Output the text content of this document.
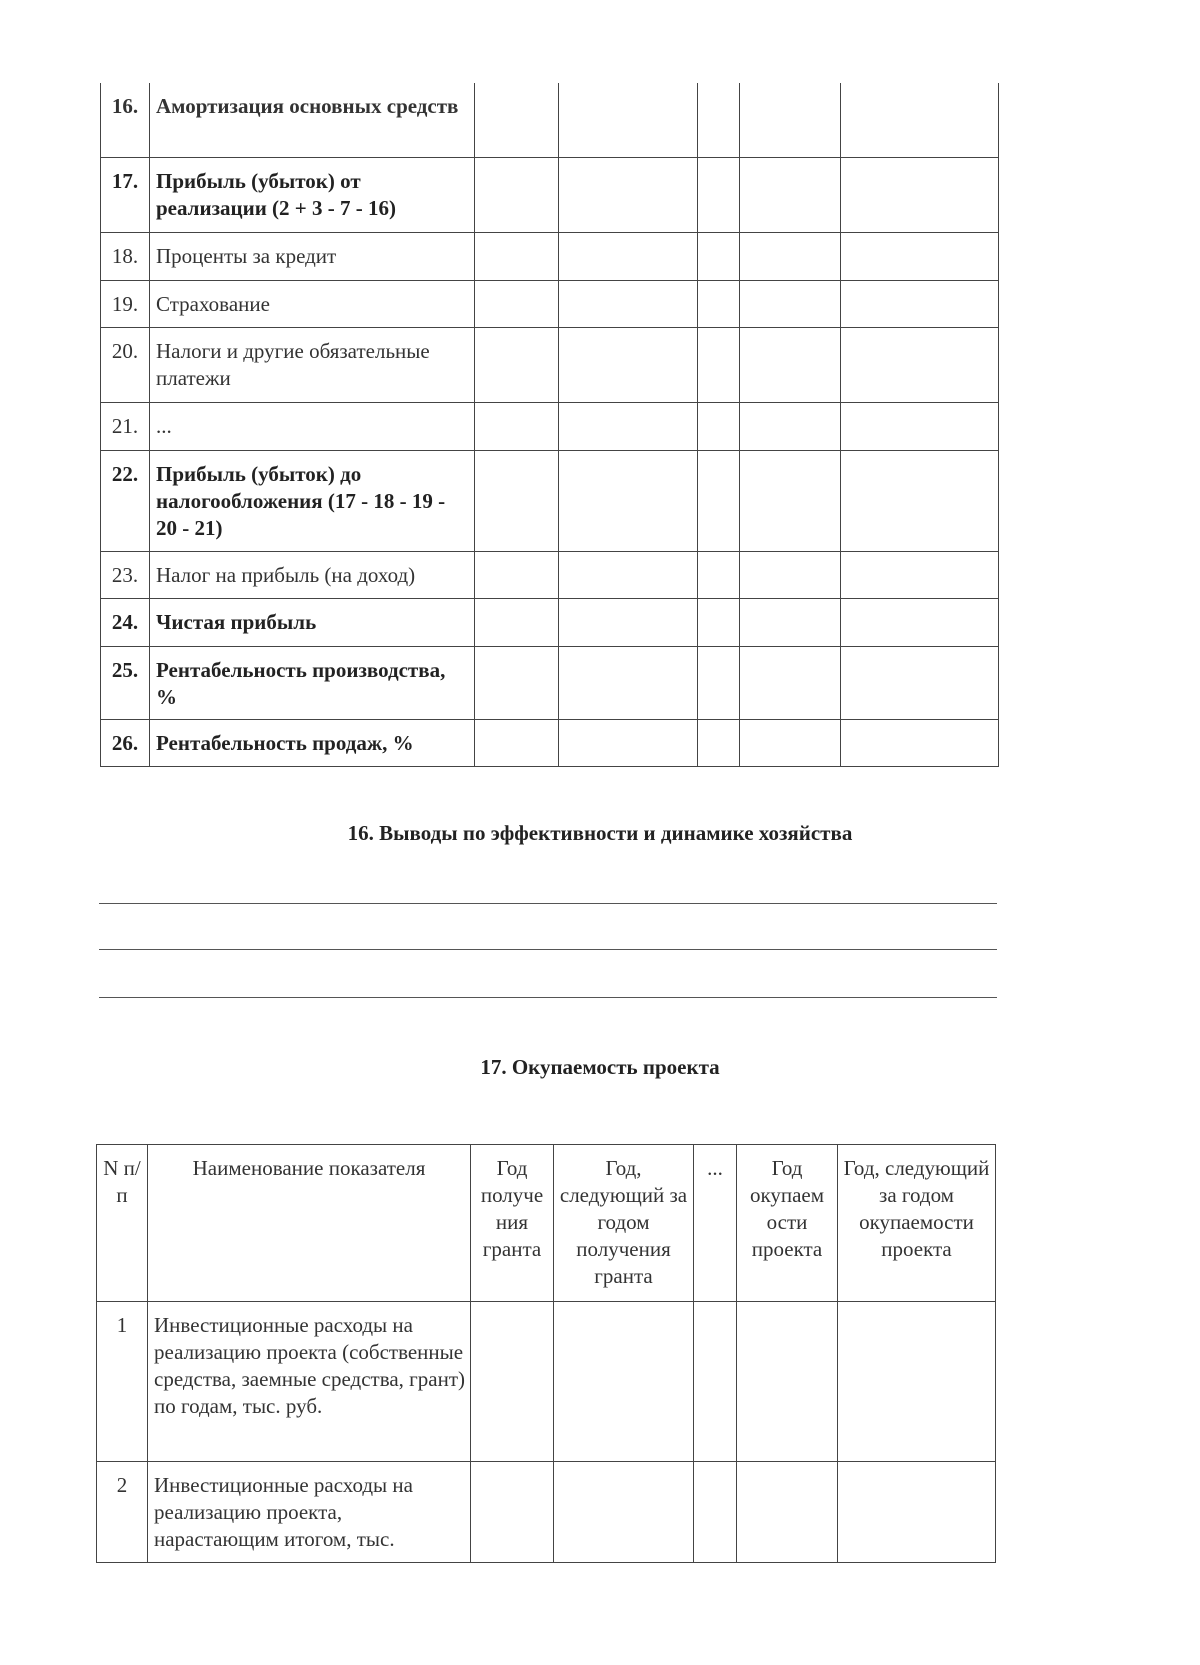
16.	Амортизация основных средств					
17.	Прибыль (убыток) от реализации (2 + 3 - 7 - 16)					
18.	Проценты за кредит					
19.	Страхование					
20.	Налоги и другие обязательные платежи					
21.	...					
22.	Прибыль (убыток) до налогообложения (17 - 18 - 19 - 20 - 21)					
23.	Налог на прибыль (на доход)					
24.	Чистая прибыль					
25.	Рентабельность производства, %					
26.	Рентабельность продаж, %					
16. Выводы по эффективности и динамике хозяйства
17. Окупаемость проекта
N п/п	Наименование показателя	Год получе ния гранта	Год, следующий за годом получения гранта	...	Год окупаем ости проекта	Год, следующий за годом окупаемости проекта
1	Инвестиционные расходы на реализацию проекта (собственные средства, заемные средства, грант) по годам, тыс. руб.					
2	Инвестиционные расходы на реализацию проекта, нарастающим итогом, тыс.					
